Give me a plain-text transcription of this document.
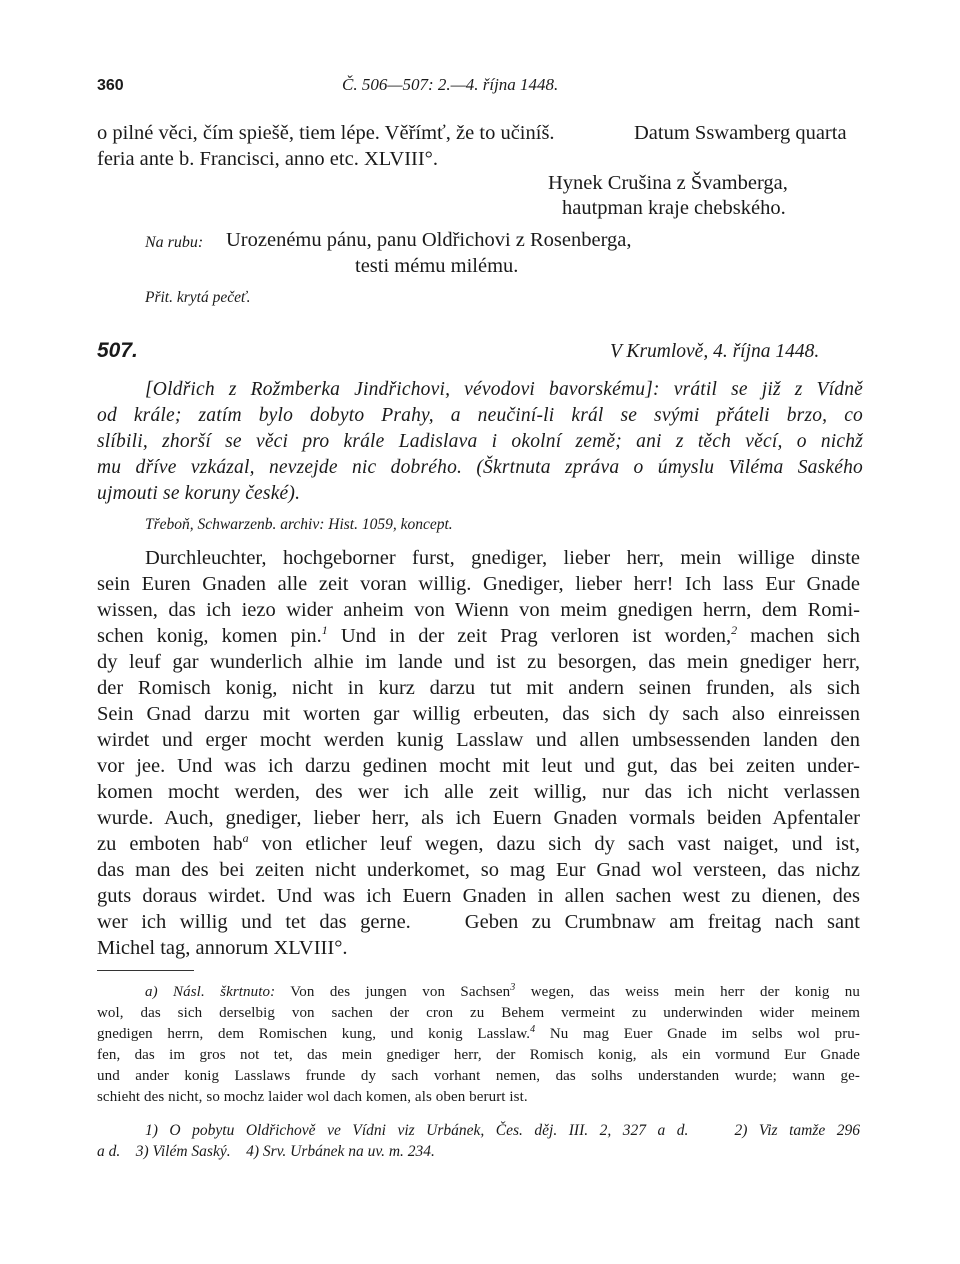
360	Č. 506—507: 2.—4. října 1448.
o pilné věci, čím spiešě, tiem lépe. Věřímť, že to učiníš.	Datum Sswamberg quarta
feria ante b. Francisci, anno etc. XLVIII°.
Hynek Crušina z Švamberga,
hautpman kraje chebského.
Na rubu: Urozenému pánu, panu Oldřichovi z Rosenberga,
testi mému milému.
Přit. krytá pečeť.
507.	V Krumlově, 4. října 1448.
[Oldřich z Rožmberka Jindřichovi, vévodovi bavorskému]: vrátil se již z Vídně
od krále; zatím bylo dobyto Prahy, a neučiní-li král se svými přáteli brzo, co
slíbili, zhorší se věci pro krále Ladislava i okolní země; ani z těch věcí, o nichž
mu dříve vzkázal, nevzejde nic dobrého. (Škrtnuta zpráva o úmyslu Viléma Saského
ujmouti se koruny české).
Třeboň, Schwarzenb. archiv: Hist. 1059, koncept.
Durchleuchter, hochgeborner furst, gnediger, lieber herr, mein willige dinste
sein Euren Gnaden alle zeit voran willig. Gnediger, lieber herr! Ich lass Eur Gnade
wissen, das ich iezo wider anheim von Wienn von meim gnedigen herrn, dem Romi-
schen konig, komen pin.$^1$ Und in der zeit Prag verloren ist worden,$^2$ machen sich
dy leuf gar wunderlich alhie im lande und ist zu besorgen, das mein gnediger herr,
der Romisch konig, nicht in kurz darzu tut mit andern seinen frunden, als sich
Sein Gnad darzu mit worten gar willig erbeuten, das sich dy sach also einreissen
wirdet und erger mocht werden kunig Lasslaw und allen umbsessenden landen den
vor jee. Und was ich darzu gedinen mocht mit leut und gut, das bei zeiten under-
komen mocht werden, des wer ich alle zeit willig, nur das ich nicht verlassen
wurde. Auch, gnediger, lieber herr, als ich Euern Gnaden vormals beiden Apfentaler
zu emboten hab$^a$ von etlicher leuf wegen, dazu sich dy sach vast naiget, und ist,
das man des bei zeiten nicht underkomet, so mag Eur Gnad wol versteen, das nichz
guts doraus wirdet. Und was ich Euern Gnaden in allen sachen west zu dienen, des
wer ich willig und tet das gerne.    Geben zu Crumbnaw am freitag nach sant
Michel tag, annorum XLVIII°.
a) Násl. škrtnuto: Von des jungen von Sachsen$^3$ wegen, das weiss mein herr der konig nu
wol, das sich derselbig von sachen der cron zu Behem vermeint zu underwinden wider meinem
gnedigen herrn, dem Romischen kung, und konig Lasslaw.$^4$ Nu mag Euer Gnade im selbs wol pru-
fen, das im gros not tet, das mein gnediger herr, der Romisch konig, als ein vormund Eur Gnade
und ander konig Lasslaws frunde dy sach vorhant nemen, das solhs understanden wurde; wann ge-
schieht des nicht, so mochz laider wol dach komen, als oben berurt ist.
1) O pobytu Oldřichově ve Vídni viz Urbánek, Čes. děj. III. 2, 327 a d.    2) Viz tamže 296
a d.    3) Vilém Saský.    4) Srv. Urbánek na uv. m. 234.
